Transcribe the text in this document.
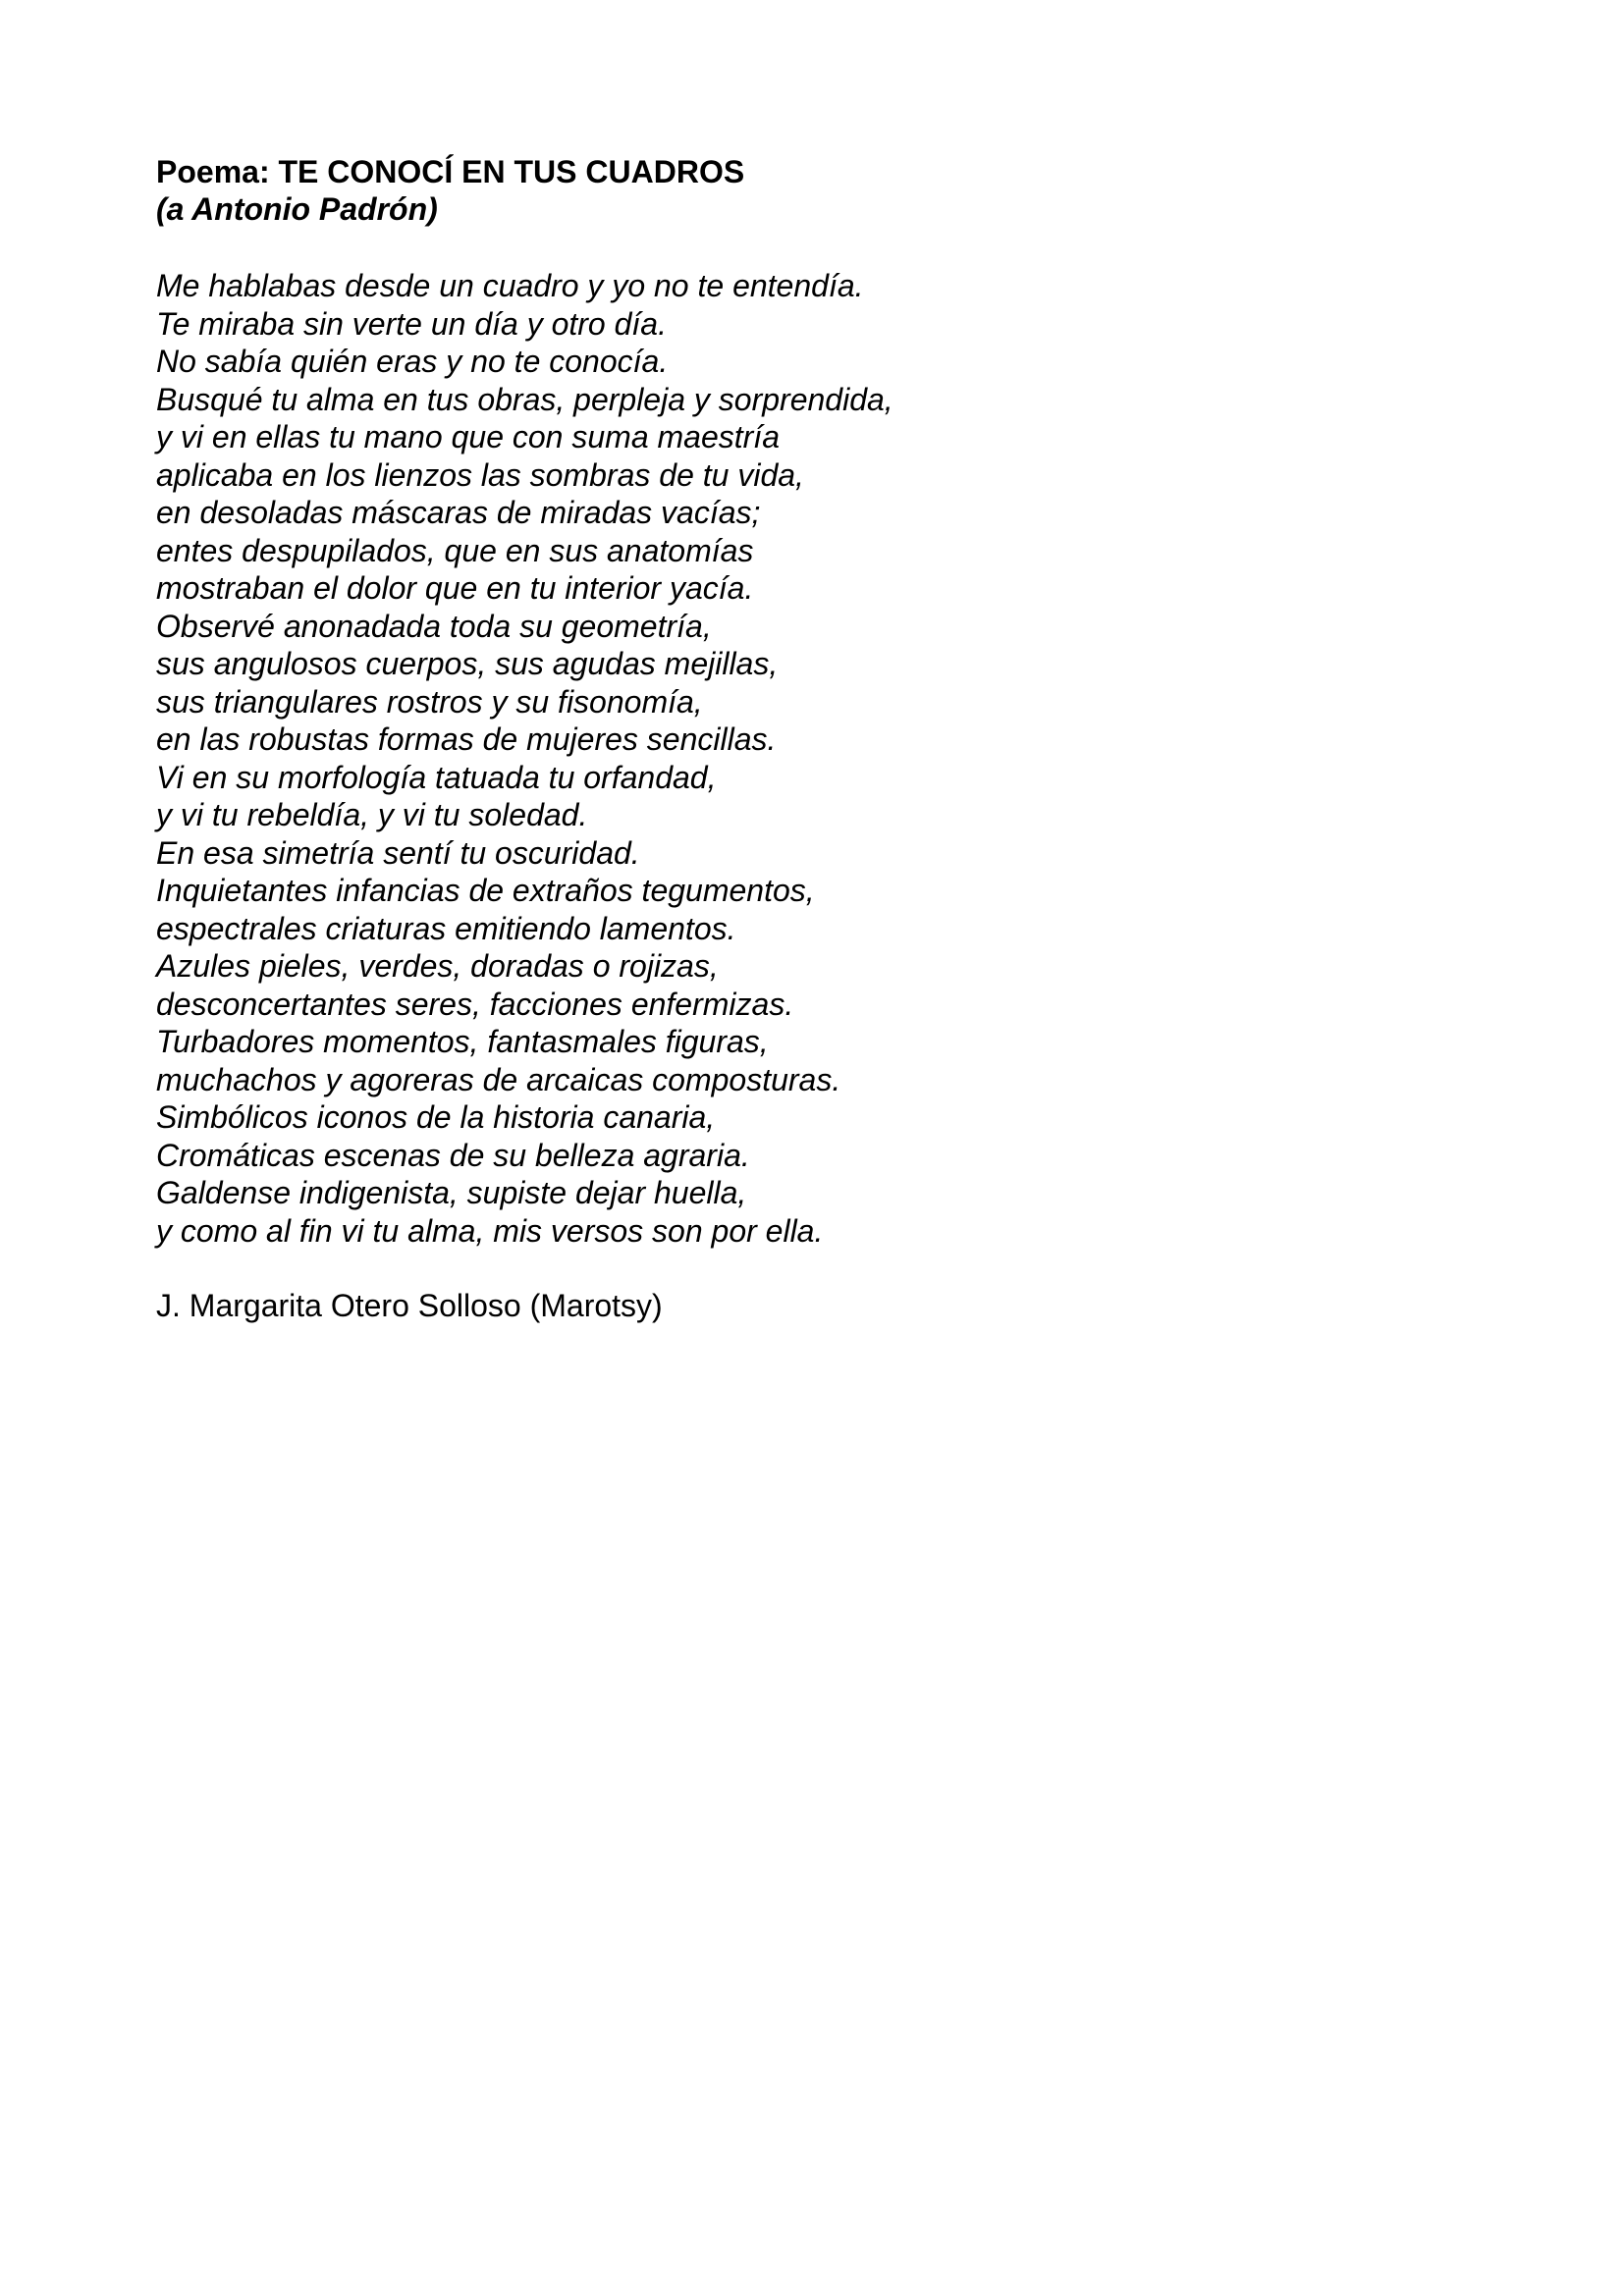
Poema: TE CONOCÍ EN TUS CUADROS
(a Antonio Padrón)
Me hablabas desde un cuadro y yo no te entendía.
Te miraba sin verte un día y otro día.
No sabía quién eras y no te conocía.
Busqué tu alma en tus obras, perpleja y sorprendida,
y vi en ellas tu mano que con suma maestría
aplicaba en los lienzos las sombras de tu vida,
en desoladas máscaras de miradas vacías;
entes despupilados, que en sus anatomías
mostraban el dolor que en tu interior yacía.
Observé anonadada toda su geometría,
sus angulosos cuerpos, sus agudas mejillas,
sus triangulares rostros y su fisonomía,
en las robustas formas de mujeres sencillas.
Vi en su morfología tatuada tu orfandad,
y vi tu rebeldía, y vi tu soledad.
En esa simetría sentí tu oscuridad.
Inquietantes infancias de extraños tegumentos,
espectrales criaturas emitiendo lamentos.
Azules pieles, verdes, doradas o rojizas,
desconcertantes seres, facciones enfermizas.
Turbadores momentos, fantasmales figuras,
muchachos y agoreras de arcaicas composturas.
Simbólicos iconos de la historia canaria,
Cromáticas escenas de su belleza agraria.
Galdense indigenista, supiste dejar huella,
y como al fin vi tu alma, mis versos son por ella.
J. Margarita Otero Solloso (Marotsy)
